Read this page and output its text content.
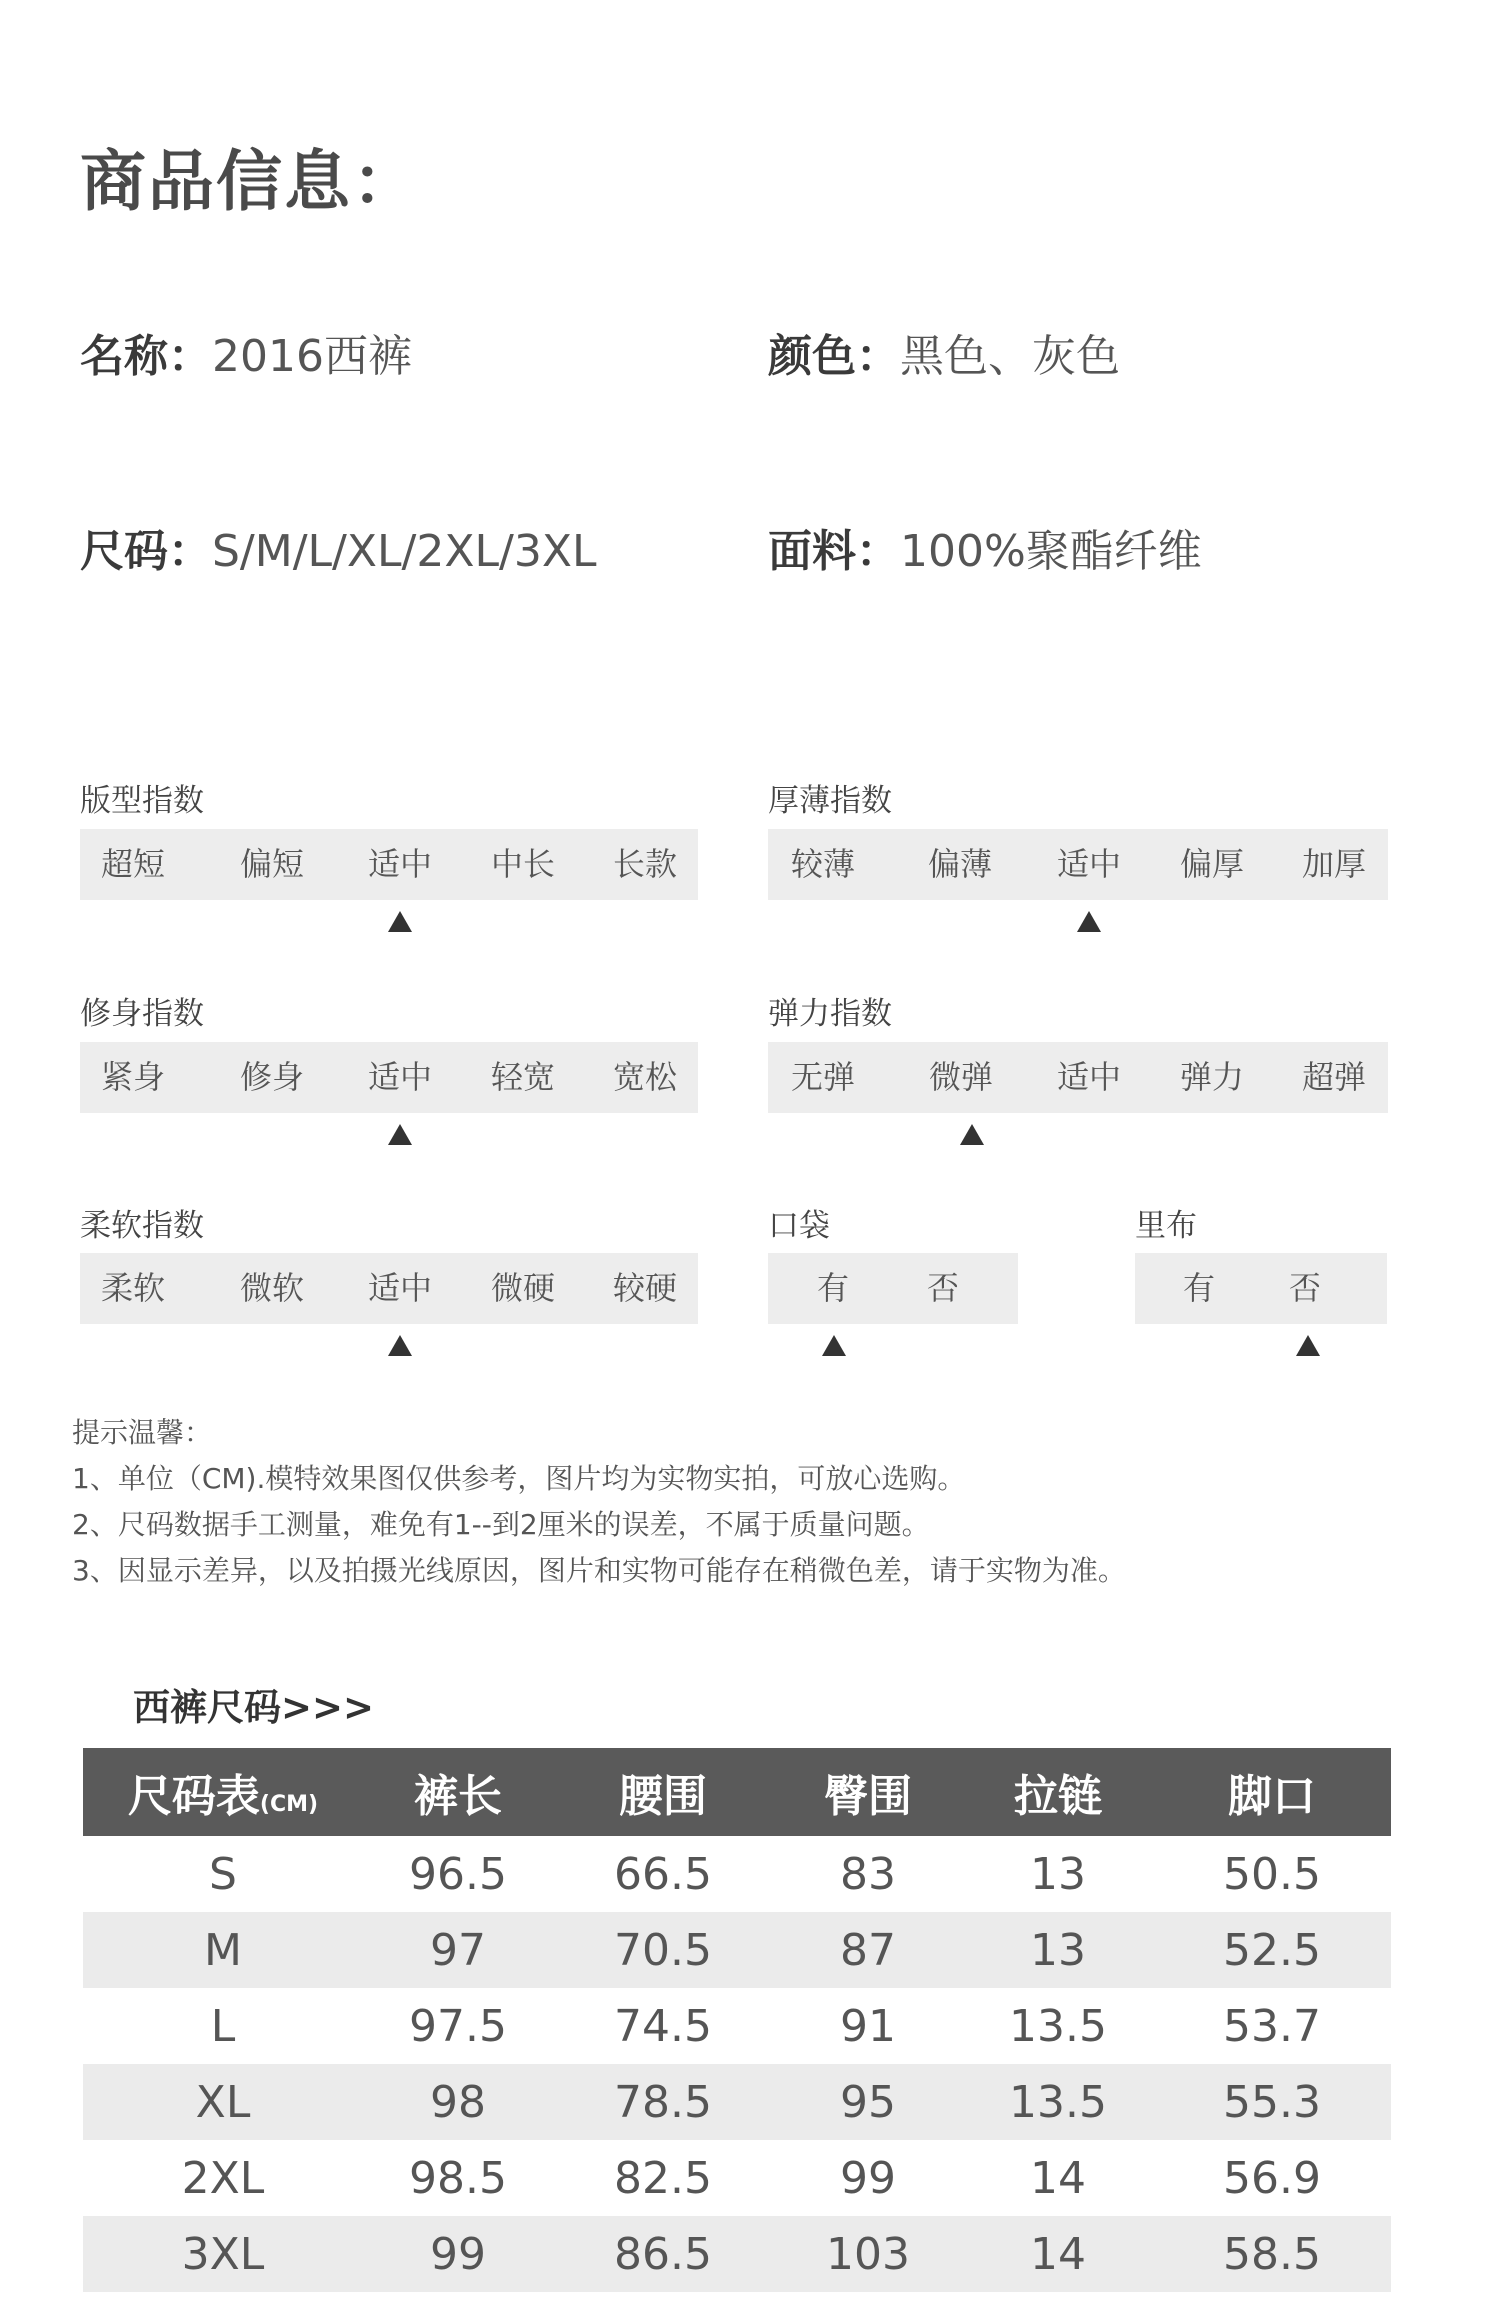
商品信息：
名称：2016西裤	颜色：黑色、灰色
尺码：S/M/L/XL/2XL/3XL	面料：100%聚酯纤维
版型指数
超短 偏短 适中 中长 长款
厚薄指数
较薄 偏薄 适中 偏厚 加厚
修身指数
紧身 修身 适中 轻宽 宽松
弹力指数
无弹 微弹 适中 弹力 超弹
柔软指数
柔软 微软 适中 微硬 较硬
口袋
有 否
里布
有 否
提示温馨：
1、单位（CM).模特效果图仅供参考，图片均为实物实拍，可放心选购。
2、尺码数据手工测量，难免有1--到2厘米的误差，不属于质量问题。
3、因显示差异，以及拍摄光线原因，图片和实物可能存在稍微色差，请于实物为准。
西裤尺码>>>
尺码表(CM)	裤长	腰围	臀围	拉链	脚口
S	96.5	66.5	83	13	50.5
M	97	70.5	87	13	52.5
L	97.5	74.5	91	13.5	53.7
XL	98	78.5	95	13.5	55.3
2XL	98.5	82.5	99	14	56.9
3XL	99	86.5	103	14	58.5
